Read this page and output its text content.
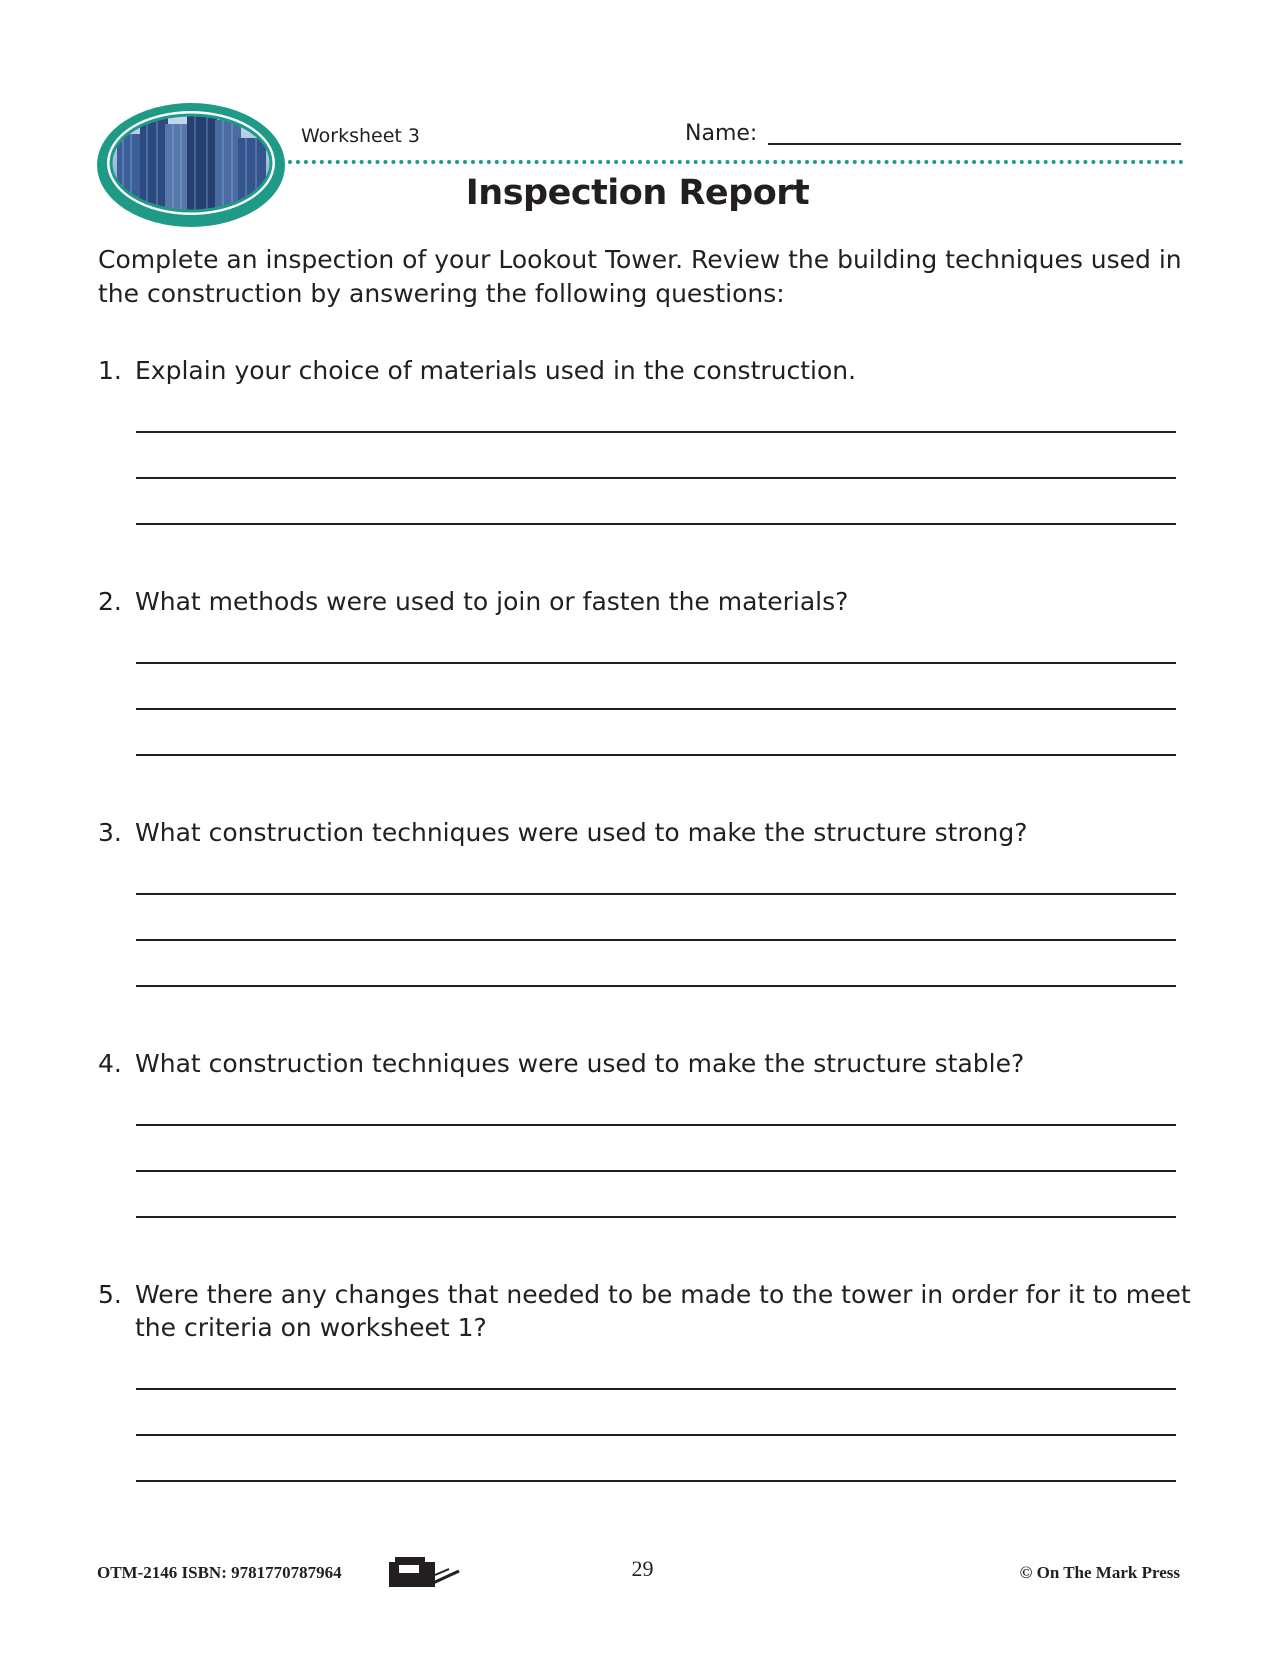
Worksheet 3	Name:
Inspection Report
Complete an inspection of your Lookout Tower. Review the building techniques used in the construction by answering the following questions:
1. Explain your choice of materials used in the construction.
2. What methods were used to join or fasten the materials?
3. What construction techniques were used to make the structure strong?
4. What construction techniques were used to make the structure stable?
5. Were there any changes that needed to be made to the tower in order for it to meet the criteria on worksheet 1?
OTM-2146 ISBN: 9781770787964	29	© On The Mark Press
